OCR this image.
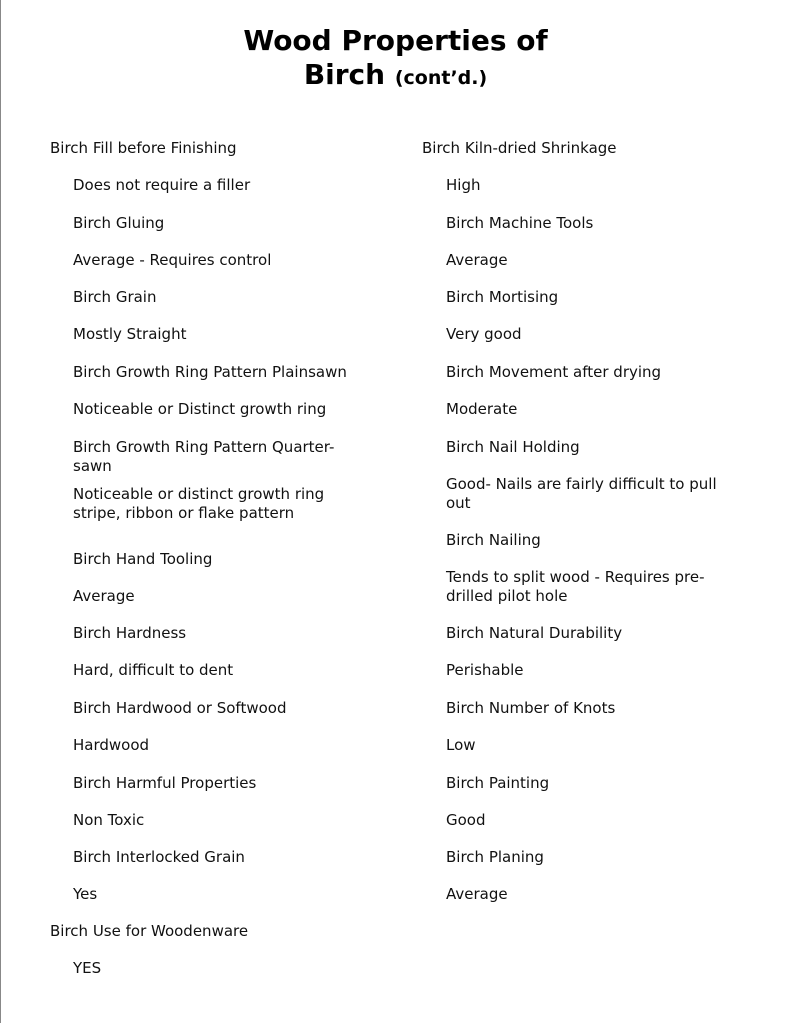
Wood Properties of
Birch (cont’d.)
Birch Fill before Finishing
Does not require a filler
Birch Gluing
Average - Requires control
Birch Grain
Mostly Straight
Birch Growth Ring Pattern Plainsawn
Noticeable or Distinct growth ring
Birch Growth Ring Pattern Quarter-sawn
Noticeable or distinct growth ring stripe, ribbon or flake pattern
Birch Hand Tooling
Average
Birch Hardness
Hard, difficult to dent
Birch Hardwood or Softwood
Hardwood
Birch Harmful Properties
Non Toxic
Birch Interlocked Grain
Yes
Birch Use for Woodenware
YES
Birch Kiln-dried Shrinkage
High
Birch Machine Tools
Average
Birch Mortising
Very good
Birch Movement after drying
Moderate
Birch Nail Holding
Good- Nails are fairly difficult to pull out
Birch Nailing
Tends to split wood - Requires pre-drilled pilot hole
Birch Natural Durability
Perishable
Birch Number of Knots
Low
Birch Painting
Good
Birch Planing
Average
